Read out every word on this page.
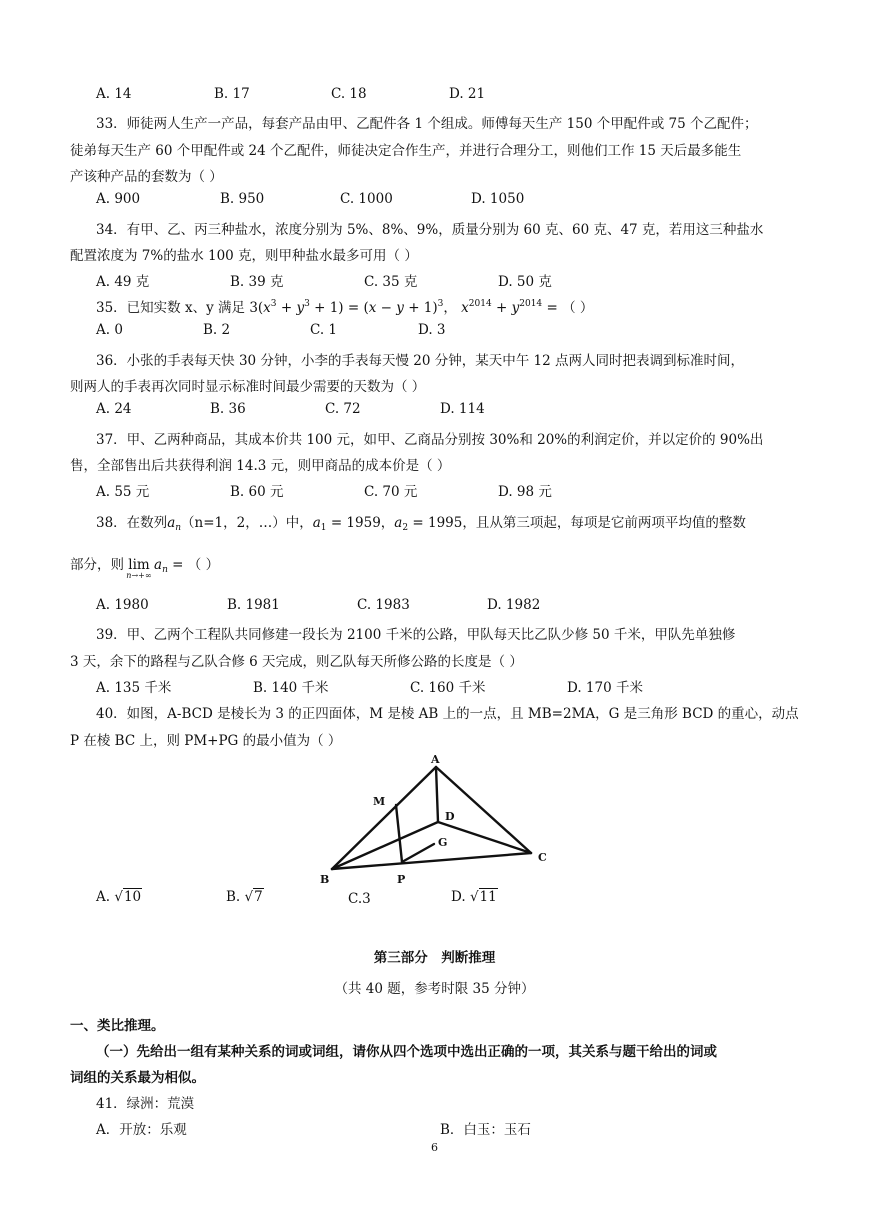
A. 14	B. 17	C. 18	D. 21
33．师徒两人生产一产品，每套产品由甲、乙配件各 1 个组成。师傅每天生产 150 个甲配件或 75 个乙配件；
徒弟每天生产 60 个甲配件或 24 个乙配件，师徒决定合作生产，并进行合理分工，则他们工作 15 天后最多能生
产该种产品的套数为（ ）
A. 900	B. 950	C. 1000	D. 1050
34．有甲、乙、丙三种盐水，浓度分别为 5%、8%、9%，质量分别为 60 克、60 克、47 克，若用这三种盐水
配置浓度为 7%的盐水 100 克，则甲种盐水最多可用（ ）
A. 49 克	B. 39 克	C. 35 克	D. 50 克
35．已知实数 x、y 满足 $3(x^3 + y^3 + 1) = (x - y + 1)^3$， $x^{2014} + y^{2014}$ = （ ）
A. 0	B. 2	C. 1	D. 3
36．小张的手表每天快 30 分钟，小李的手表每天慢 20 分钟，某天中午 12 点两人同时把表调到标准时间，
则两人的手表再次同时显示标准时间最少需要的天数为（ ）
A. 24	B. 36	C. 72	D. 114
37．甲、乙两种商品，其成本价共 100 元，如甲、乙商品分别按 30%和 20%的利润定价，并以定价的 90%出
售，全部售出后共获得利润 14.3 元，则甲商品的成本价是（ ）
A. 55 元	B. 60 元	C. 70 元	D. 98 元
38．在数列$a_n(n=1$，2，…）中，$a_1 = 1959$，$a_2 = 1995$，且从第三项起，每项是它前两项平均值的整数
部分，则 lim
n→+∞
$a_n$ = （ ）
A. 1980	B. 1981	C. 1983	D. 1982
39．甲、乙两个工程队共同修建一段长为 2100 千米的公路，甲队每天比乙队少修 50 千米，甲队先单独修
3 天，余下的路程与乙队合修 6 天完成，则乙队每天所修公路的长度是（ ）
A. 135 千米	B. 140 千米	C. 160 千米	D. 170 千米
40．如图，A-BCD 是棱长为 3 的正四面体，M 是棱 AB 上的一点，且 MB=2MA，G 是三角形 BCD 的重心，动点
P 在棱 BC 上，则 PM+PG 的最小值为（ ）
A
M
D
G
B	P
C
A. √10	B. √7	C.3	D. √11
第三部分　判断推理
（共 40 题，参考时限 35 分钟）
一、类比推理。
（一）先给出一组有某种关系的词或词组，请你从四个选项中选出正确的一项，其关系与题干给出的词或
词组的关系最为相似。
41．绿洲：荒漠
A．开放：乐观	B．白玉：玉石
6
